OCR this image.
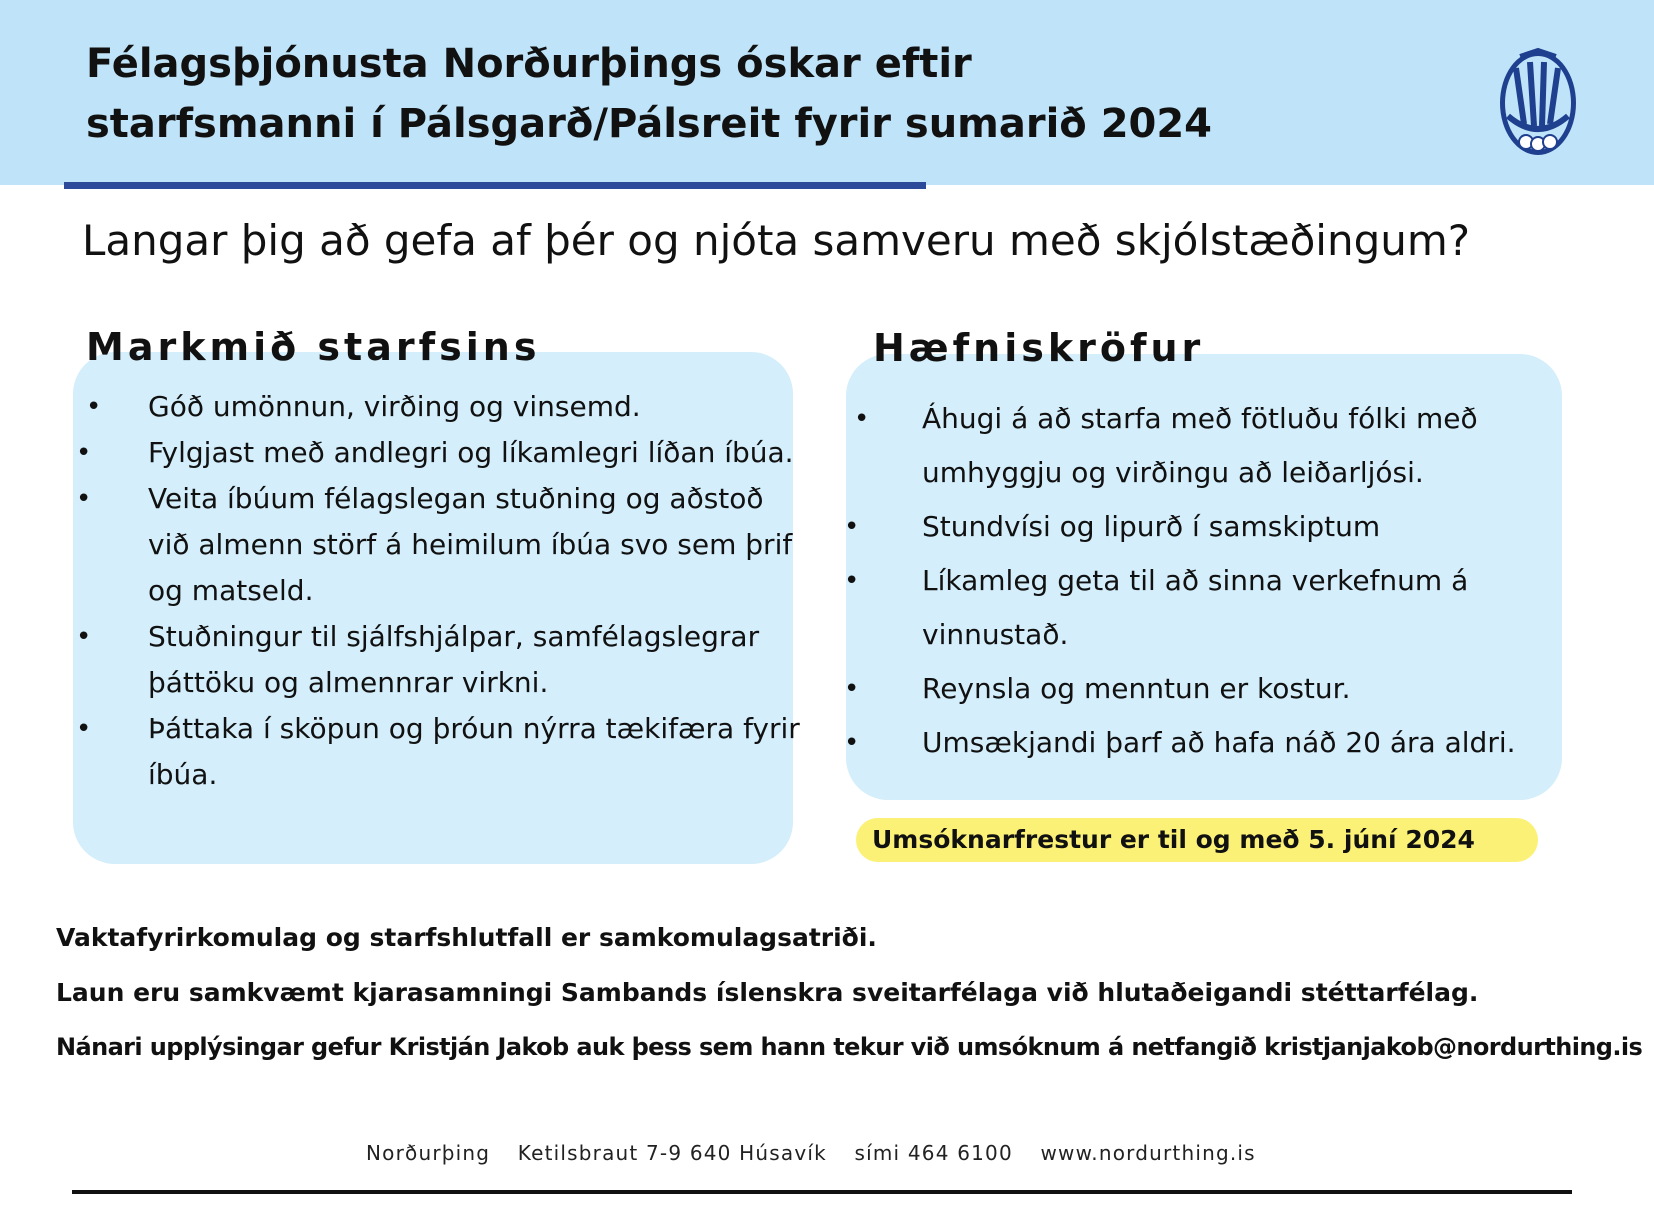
Félagsþjónusta Norðurþings óskar eftir
starfsmanni í Pálsgarð/Pálsreit fyrir sumarið 2024

Langar þig að gefa af þér og njóta samveru með skjólstæðingum?

Markmið starfsins	Hæfniskröfur
• Góð umönnun, virðing og vinsemd.
• Fylgjast með andlegri og líkamlegri líðan íbúa.
• Veita íbúum félagslegan stuðning og aðstoð við almenn störf á heimilum íbúa svo sem þrif og matseld.
• Stuðningur til sjálfshjálpar, samfélagslegrar þáttöku og almennrar virkni.
• Þáttaka í sköpun og þróun nýrra tækifæra fyrir íbúa.
• Áhugi á að starfa með fötluðu fólki með umhyggju og virðingu að leiðarljósi.
• Stundvísi og lipurð í samskiptum
• Líkamleg geta til að sinna verkefnum á vinnustað.
• Reynsla og menntun er kostur.
• Umsækjandi þarf að hafa náð 20 ára aldri.
Umsóknarfrestur er til og með 5. júní 2024
Vaktafyrirkomulag og starfshlutfall er samkomulagsatriði.
Laun eru samkvæmt kjarasamningi Sambands íslenskra sveitarfélaga við hlutaðeigandi stéttarfélag.
Nánari upplýsingar gefur Kristján Jakob auk þess sem hann tekur við umsóknum á netfangið kristjanjakob@nordurthing.is
Norðurþing Ketilsbraut 7-9 640 Húsavík sími 464 6100 www.nordurthing.is
